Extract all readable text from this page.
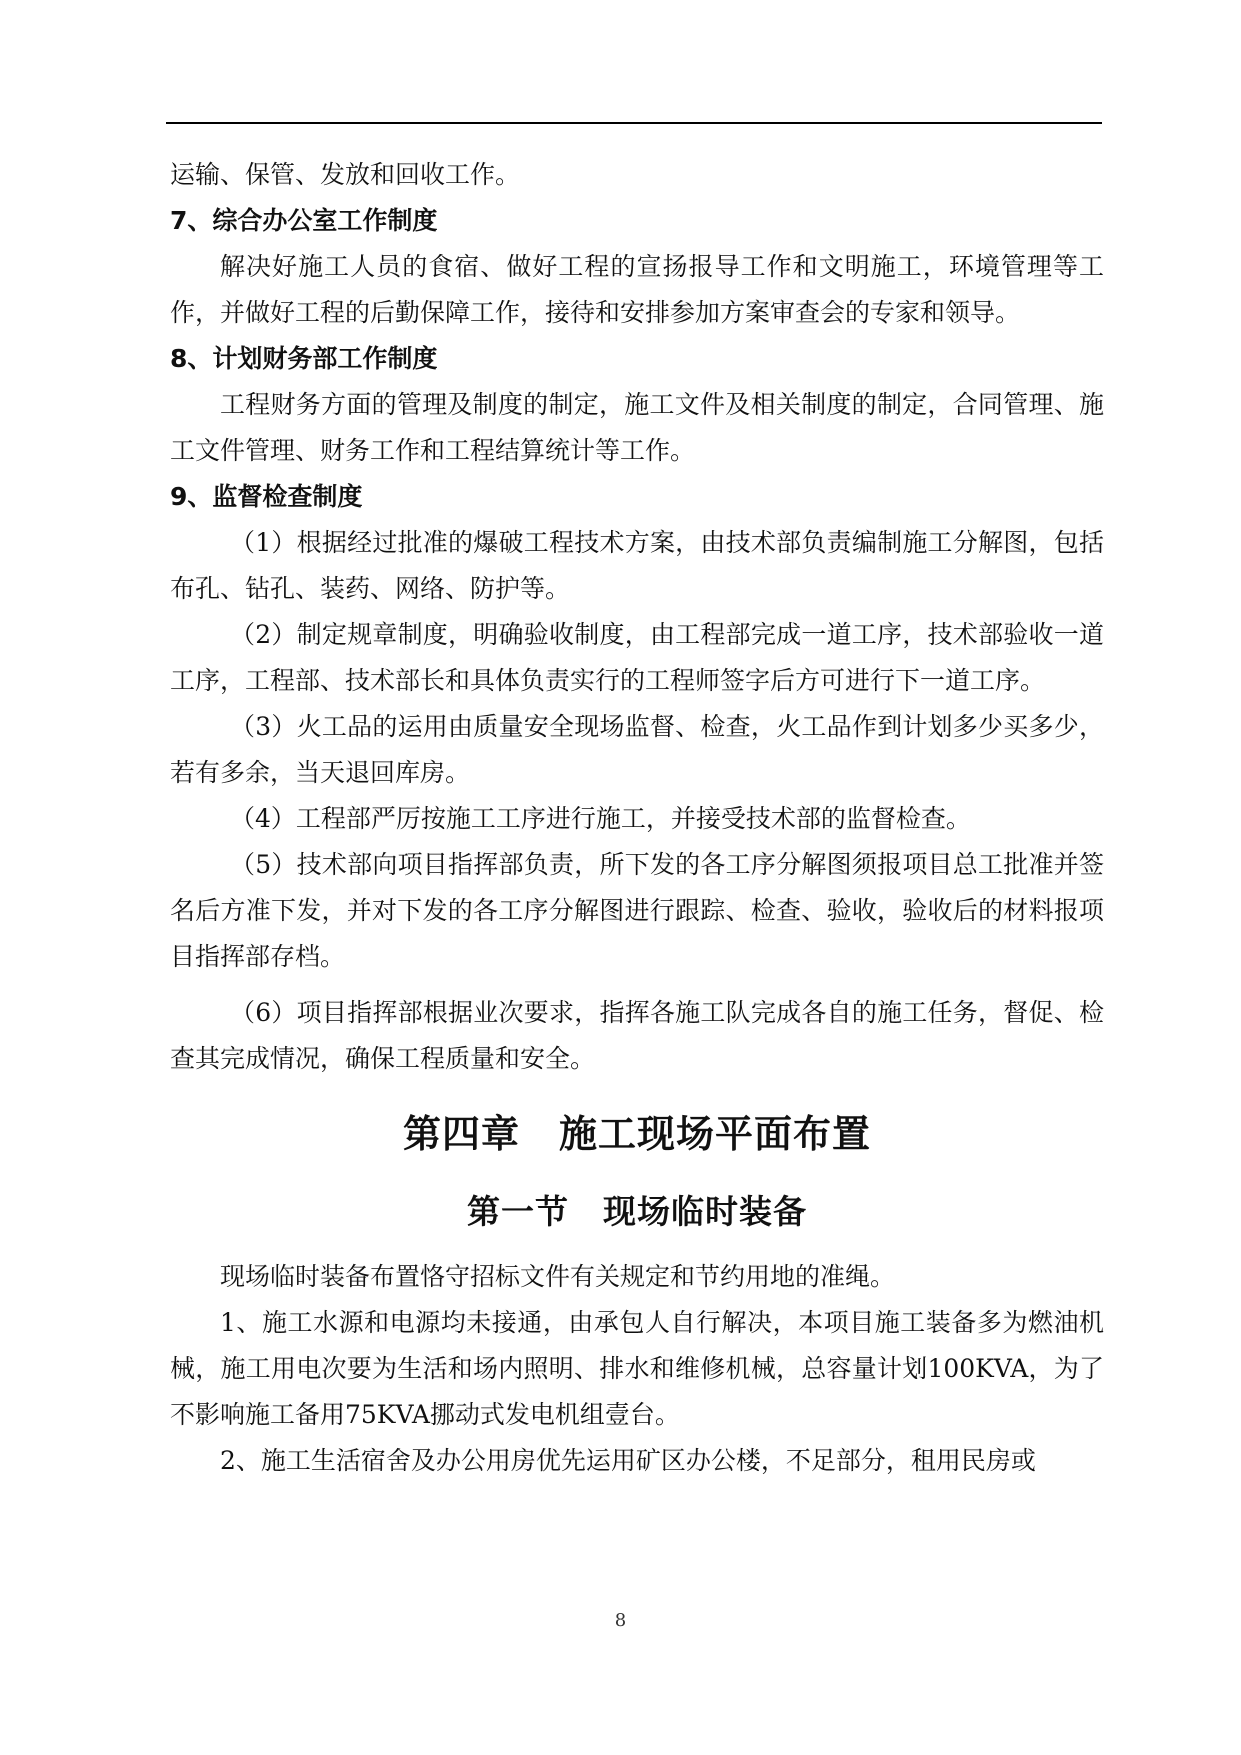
运输、保管、发放和回收工作。

7、综合办公室工作制度

解决好施工人员的食宿、做好工程的宣扬报导工作和文明施工，环境管理等工作，并做好工程的后勤保障工作，接待和安排参加方案审查会的专家和领导。

8、计划财务部工作制度

工程财务方面的管理及制度的制定，施工文件及相关制度的制定，合同管理、施工文件管理、财务工作和工程结算统计等工作。

9、监督检查制度

（1）根据经过批准的爆破工程技术方案，由技术部负责编制施工分解图，包括布孔、钻孔、装药、网络、防护等。

（2）制定规章制度，明确验收制度，由工程部完成一道工序，技术部验收一道工序，工程部、技术部长和具体负责实行的工程师签字后方可进行下一道工序。

（3）火工品的运用由质量安全现场监督、检查，火工品作到计划多少买多少，若有多余，当天退回库房。

（4）工程部严厉按施工工序进行施工，并接受技术部的监督检查。

（5）技术部向项目指挥部负责，所下发的各工序分解图须报项目总工批准并签名后方准下发，并对下发的各工序分解图进行跟踪、检查、验收，验收后的材料报项目指挥部存档。

（6）项目指挥部根据业次要求，指挥各施工队完成各自的施工任务，督促、检查其完成情况，确保工程质量和安全。

第四章　施工现场平面布置
第一节　现场临时装备

现场临时装备布置恪守招标文件有关规定和节约用地的准绳。

1、施工水源和电源均未接通，由承包人自行解决，本项目施工装备多为燃油机械，施工用电次要为生活和场内照明、排水和维修机械，总容量计划100KVA，为了不影响施工备用75KVA挪动式发电机组壹台。

2、施工生活宿舍及办公用房优先运用矿区办公楼，不足部分，租用民房或

8
